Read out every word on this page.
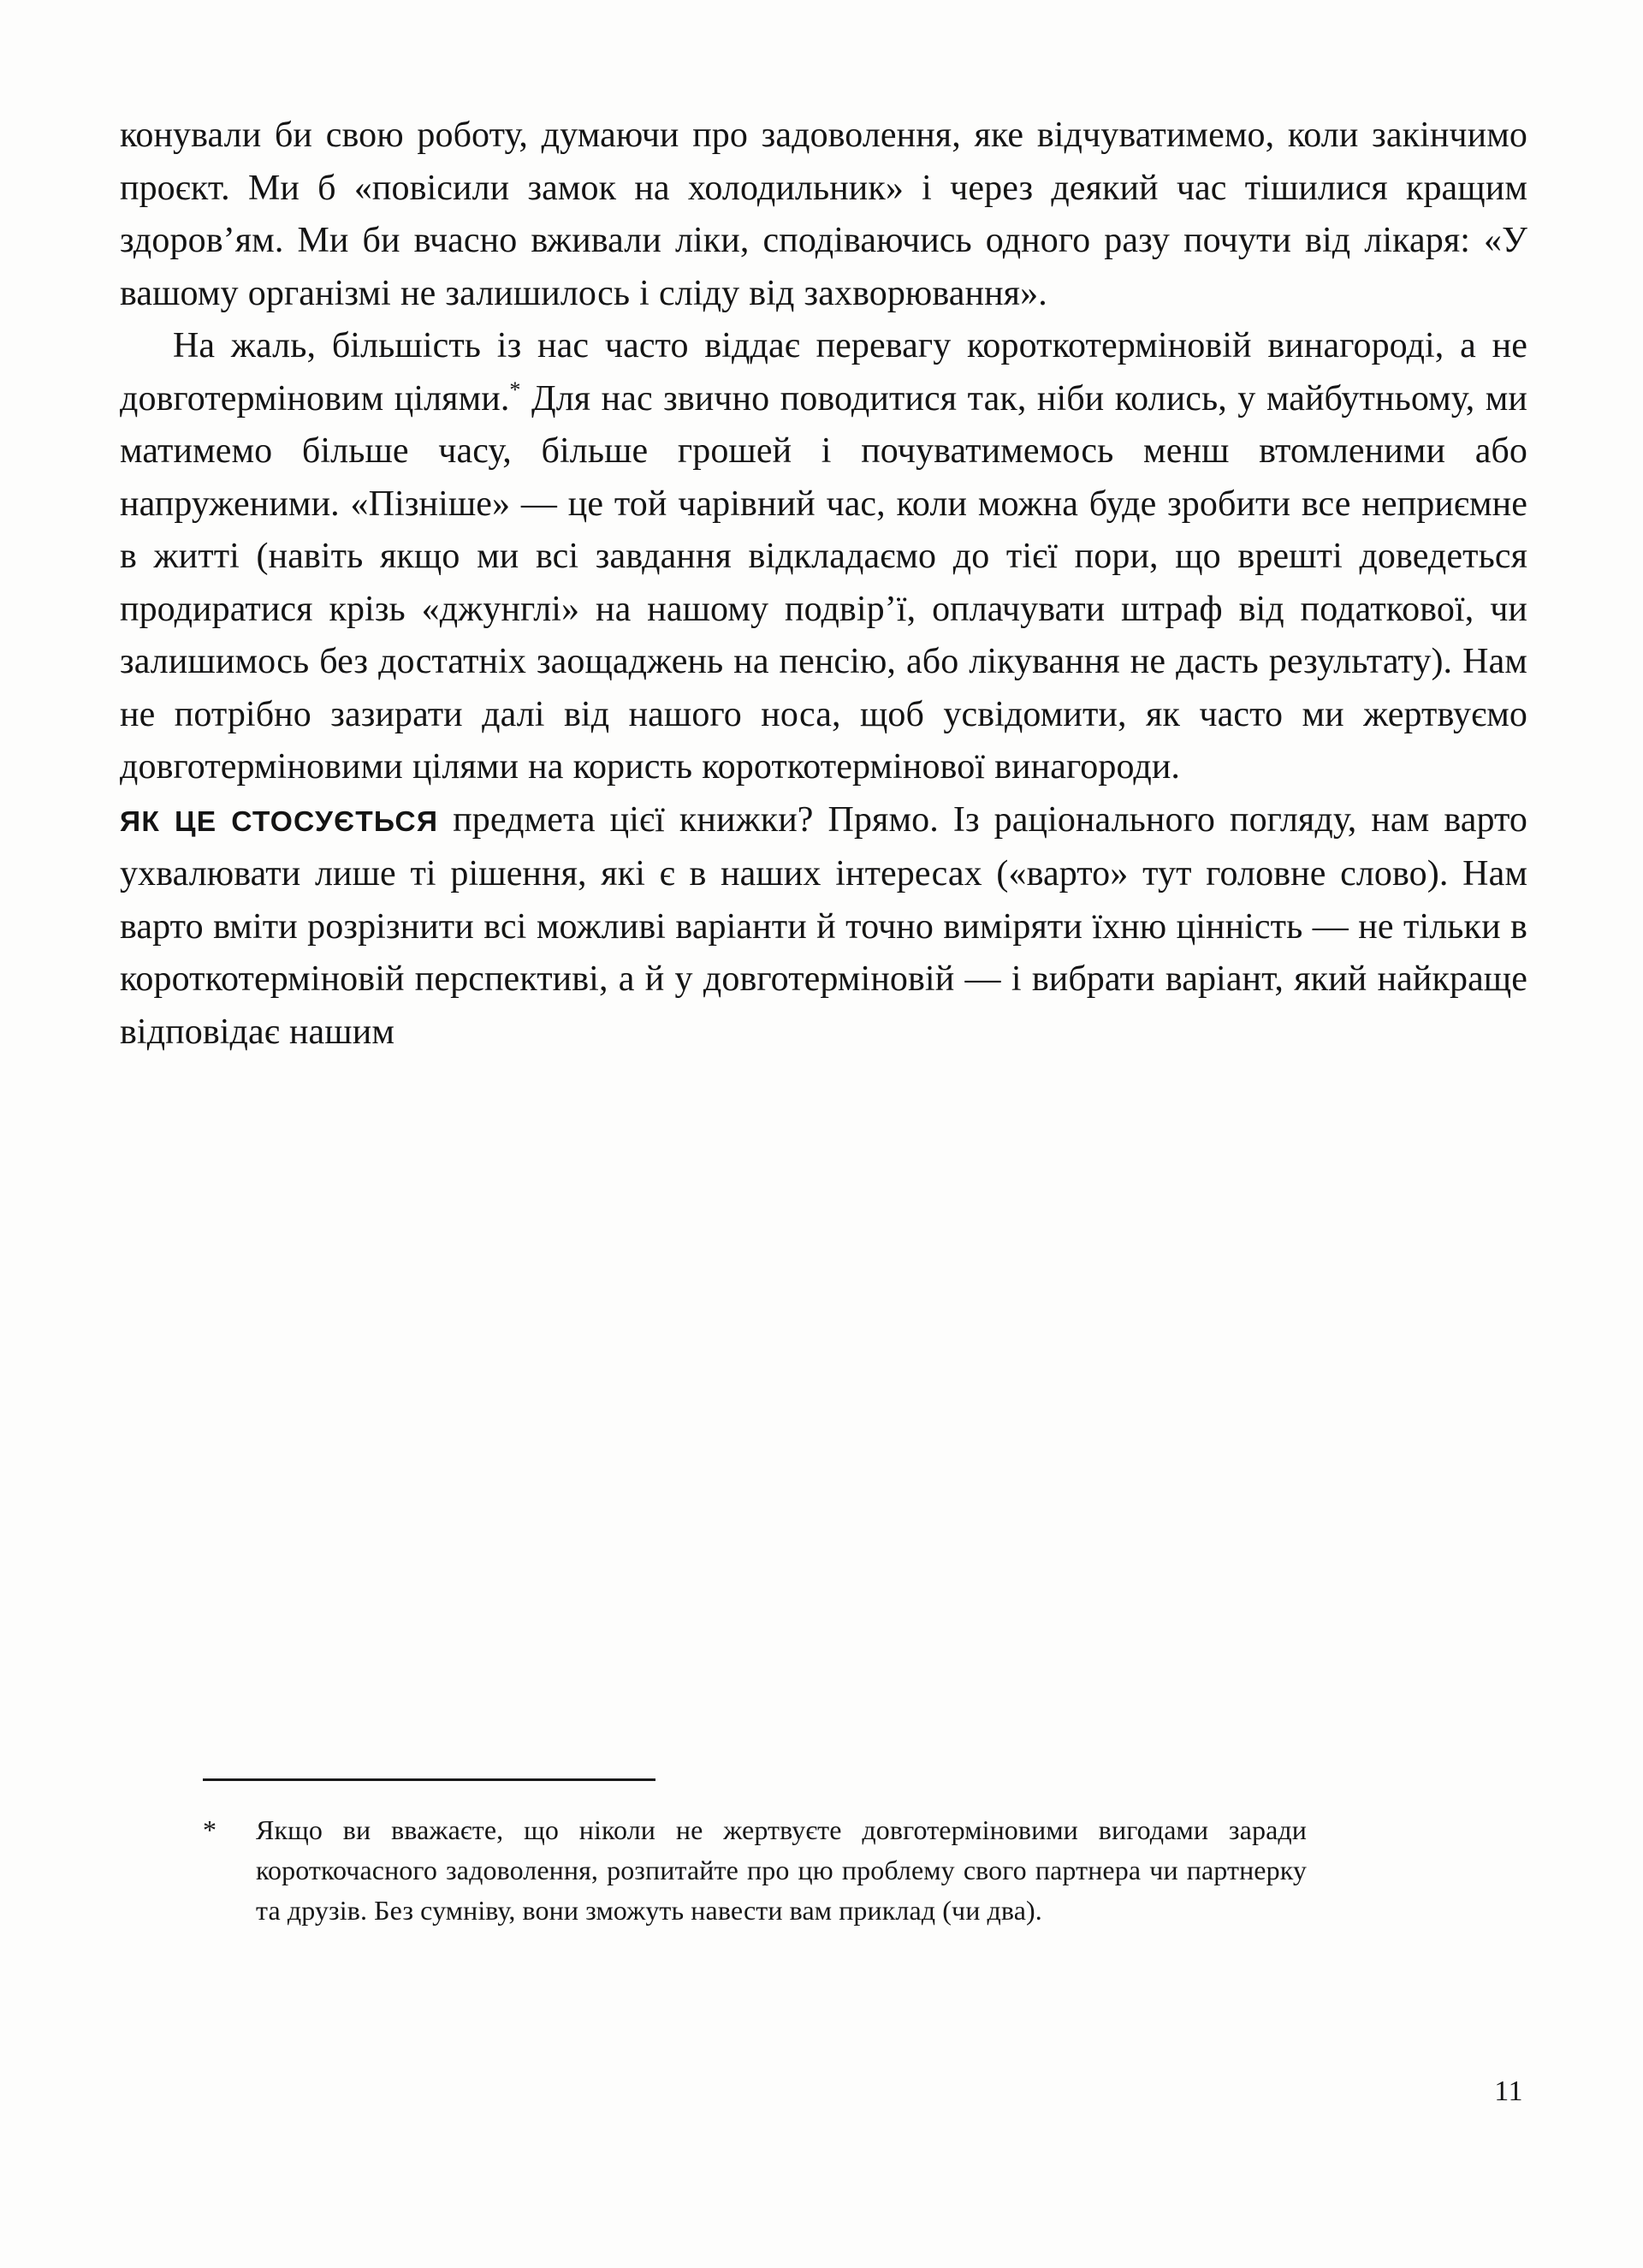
конували би свою роботу, думаючи про задоволення, яке відчуватимемо, коли закінчимо проєкт. Ми б «повісили замок на холодильник» і через деякий час тішилися кращим здоров’ям. Ми би вчасно вживали ліки, сподіваючись одного разу почути від лікаря: «У вашому організмі не залишилось і сліду від захворювання».

На жаль, більшість із нас часто віддає перевагу короткотерміновій винагороді, а не довготерміновим цілями.* Для нас звично поводитися так, ніби колись, у майбутньому, ми матимемо більше часу, більше грошей і почуватимемось менш втомленими або напруженими. «Пізніше» — це той чарівний час, коли можна буде зробити все неприємне в житті (навіть якщо ми всі завдання відкладаємо до тієї пори, що врешті доведеться продиратися крізь «джунглі» на нашому подвір’ї, оплачувати штраф від податкової, чи залишимось без достатніх заощаджень на пенсію, або лікування не дасть результату). Нам не потрібно зазирати далі від нашого носа, щоб усвідомити, як часто ми жертвуємо довготерміновими цілями на користь короткотермінової винагороди.

ЯК ЦЕ СТОСУЄТЬСЯ предмета цієї книжки? Прямо. Із раціонального погляду, нам варто ухвалювати лише ті рішення, які є в наших інтересах («варто» тут головне слово). Нам варто вміти розрізнити всі можливі варіанти й точно виміряти їхню цінність — не тільки в короткотерміновій перспективі, а й у довготерміновій — і вибрати варіант, який найкраще відповідає нашим

*	Якщо ви вважаєте, що ніколи не жертвуєте довготерміновими вигодами заради короткочасного задоволення, розпитайте про цю проблему свого партнера чи партнерку та друзів. Без сумніву, вони зможуть навести вам приклад (чи два).
11
